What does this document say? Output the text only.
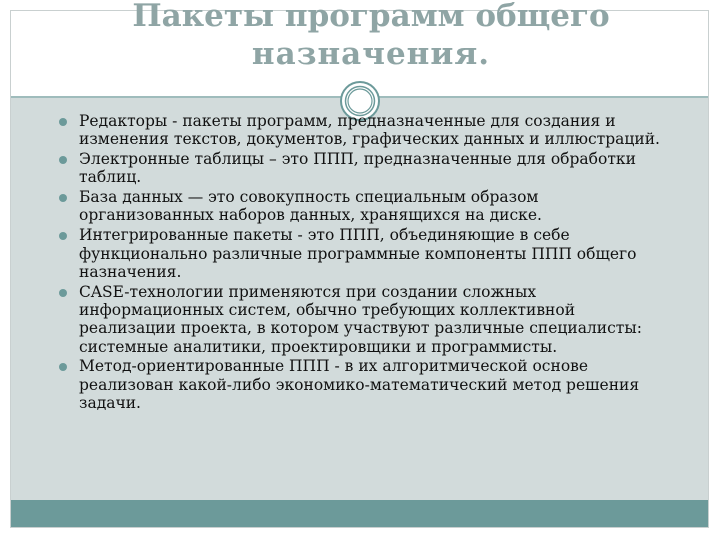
Пакеты программ общего
назначения.
Редакторы - пакеты программ, предназначенные для создания и изменения текстов, документов, графических данных и иллюстраций.
Электронные таблицы – это ППП, предназначенные для обработки таблиц.
База данных — это совокупность специальным образом организованных наборов данных, хранящихся на диске.
Интегрированные пакеты - это ППП, объединяющие в себе функционально различные программные компоненты ППП общего назначения.
CASE-технологии применяются при создании сложных информационных систем, обычно требующих коллективной реализации проекта, в котором участвуют различные специалисты: системные аналитики, проектировщики и программисты.
Метод-ориентированные ППП - в их алгоритмической основе реализован какой-либо экономико-математический метод решения задачи.
